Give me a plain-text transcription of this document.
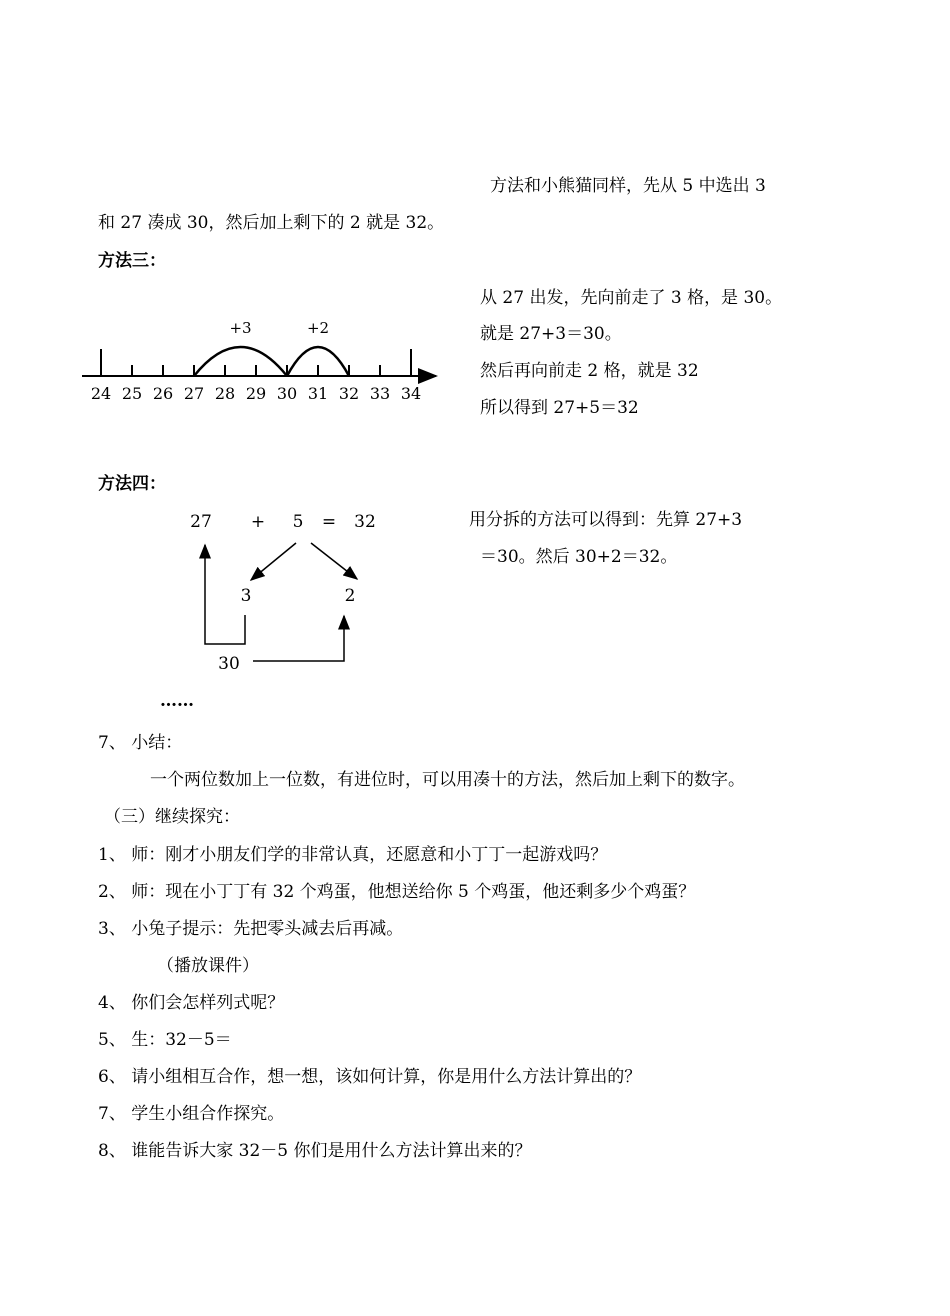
方法和小熊猫同样，先从 5 中选出 3
和 27 凑成 30，然后加上剩下的 2 就是 32。
方法三：
24 25 26 27 28 29 30 31 32 33 34
+3	+2
从 27 出发，先向前走了 3 格，是 30。
就是 27+3＝30。
然后再向前走 2 格，就是 32
所以得到 27+5＝32
方法四：
27 + 5 = 32
3	2
30
用分拆的方法可以得到：先算 27+3
＝30。然后 30+2＝32。
……
7、 小结：
一个两位数加上一位数，有进位时，可以用凑十的方法，然后加上剩下的数字。
（三）继续探究：
1、 师：刚才小朋友们学的非常认真，还愿意和小丁丁一起游戏吗？
2、 师：现在小丁丁有 32 个鸡蛋，他想送给你 5 个鸡蛋，他还剩多少个鸡蛋？
3、 小兔子提示：先把零头减去后再减。
（播放课件）
4、 你们会怎样列式呢？
5、 生：32－5＝
6、 请小组相互合作，想一想，该如何计算，你是用什么方法计算出的？
7、 学生小组合作探究。
8、 谁能告诉大家 32－5 你们是用什么方法计算出来的？
